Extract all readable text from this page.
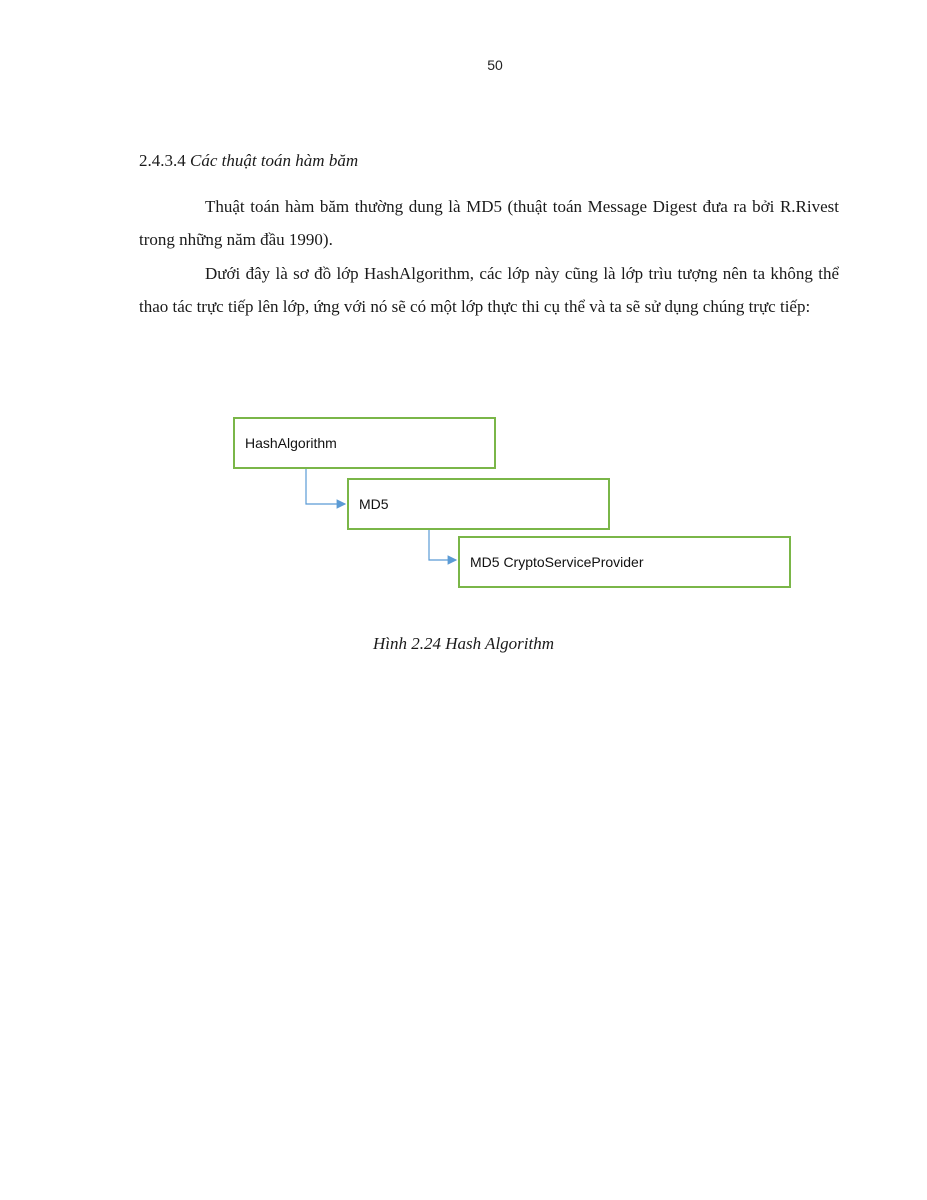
50
2.4.3.4 Các thuật toán hàm băm

Thuật toán hàm băm thường dung là MD5 (thuật toán Message Digest đưa ra bởi R.Rivest trong những năm đầu 1990).

Dưới đây là sơ đồ lớp HashAlgorithm, các lớp này cũng là lớp trìu tượng nên ta không thể thao tác trực tiếp lên lớp, ứng với nó sẽ có một lớp thực thi cụ thể và ta sẽ sử dụng chúng trực tiếp:

HashAlgorithm
MD5
MD5 CryptoServiceProvider
Hình 2.24 Hash Algorithm
